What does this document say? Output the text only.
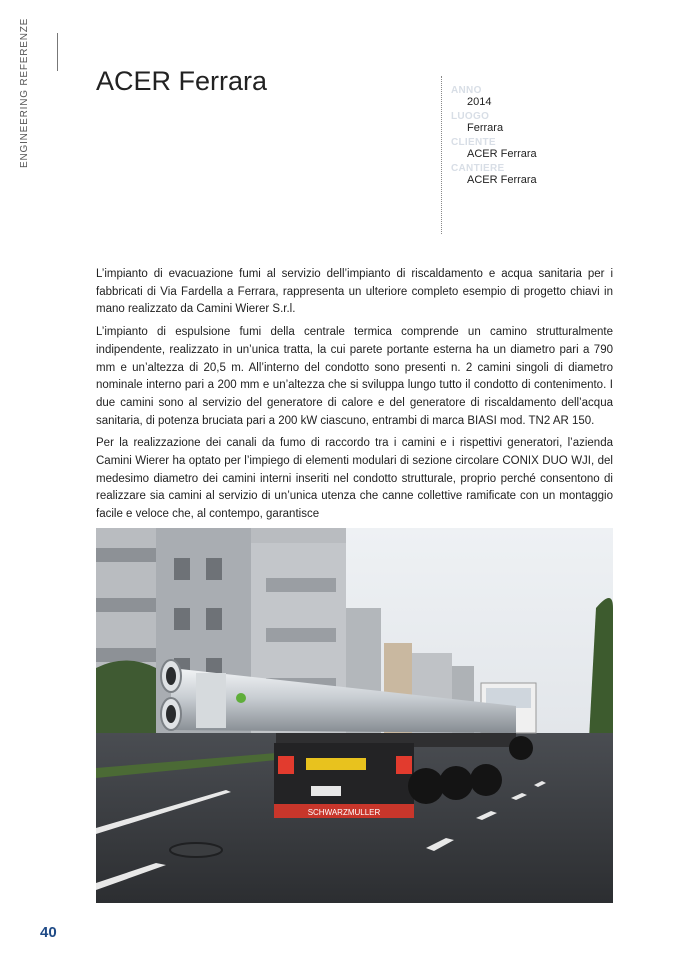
ENGINEERING REFERENZE ACER Ferrara	ANNO
2014
LUOGO
Ferrara
CLIENTE
ACER Ferrara
CANTIERE
ACER Ferrara

L’impianto di evacuazione fumi al servizio dell’impianto di riscaldamento e acqua sanitaria per i fabbricati di Via Fardella a Ferrara, rappresenta un ulteriore completo esempio di progetto chiavi in mano realizzato da Camini Wierer S.r.l.

L’impianto di espulsione fumi della centrale termica comprende un camino strutturalmente indipendente, realizzato in un’unica tratta, la cui parete portante esterna ha un diametro pari a 790 mm e un’altezza di 20,5 m. All’interno del condotto sono presenti n. 2 camini singoli di diametro nominale interno pari a 200 mm e un’altezza che si sviluppa lungo tutto il condotto di contenimento. I due camini sono al servizio del generatore di calore e del generatore di riscaldamento dell’acqua sanitaria, di potenza bruciata pari a 200 kW ciascuno, entrambi di marca BIASI mod. TN2 AR 150.

Per la realizzazione dei canali da fumo di raccordo tra i camini e i rispettivi generatori, l’azienda Camini Wierer ha optato per l’impiego di elementi modulari di sezione circolare CONIX DUO WJI, del medesimo diametro dei camini interni inseriti nel condotto strutturale, proprio perché consentono di realizzare sia camini al servizio di un’unica utenza che canne collettive ramificate con un montaggio facile e veloce che, al contempo, garantisce

SCHWARZMULLER
40
